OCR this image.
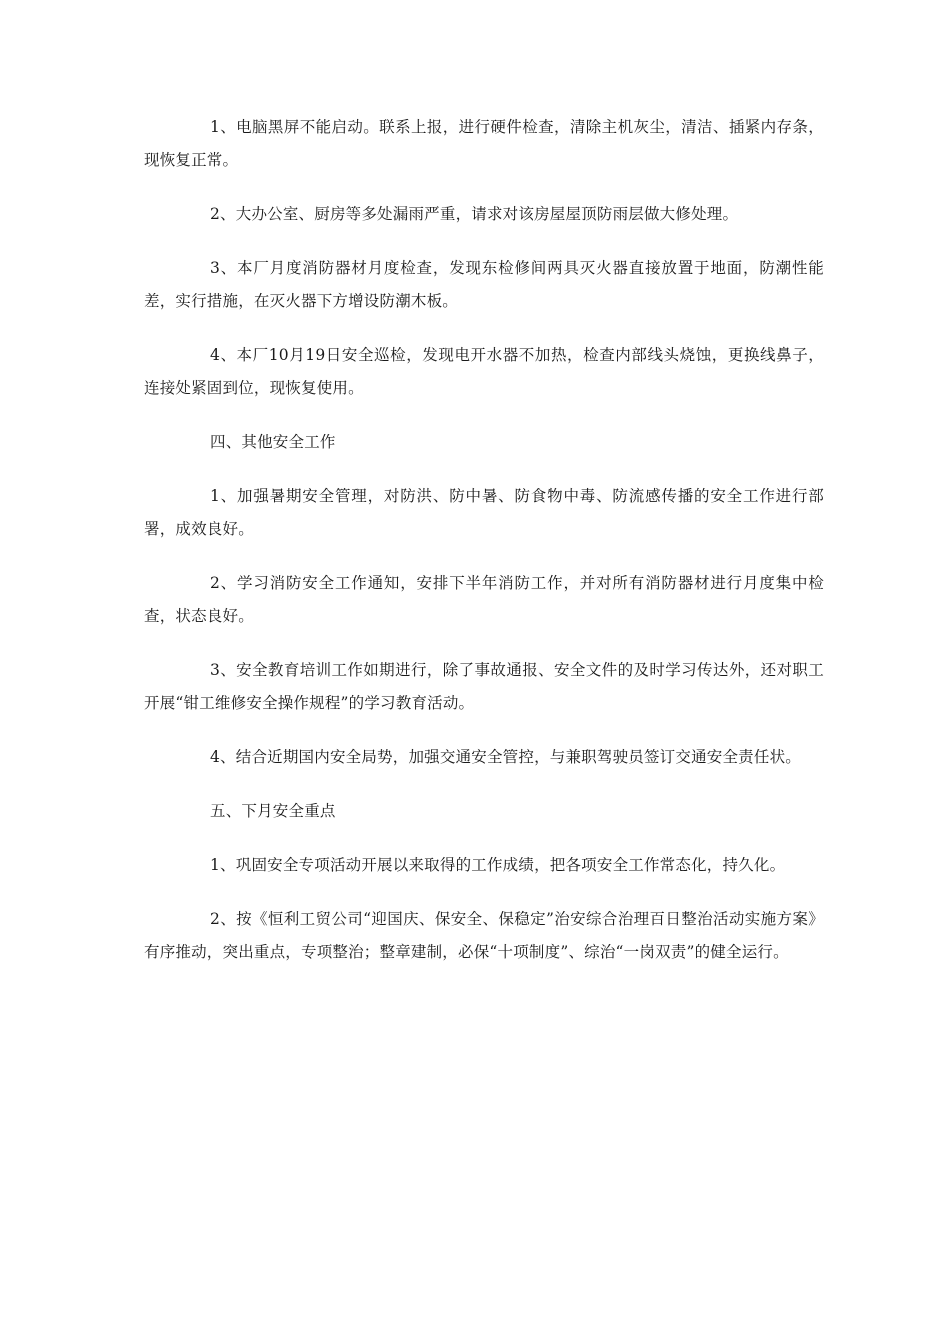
1、电脑黑屏不能启动。联系上报，进行硬件检查，清除主机灰尘，清洁、插紧内存条，现恢复正常。

2、大办公室、厨房等多处漏雨严重，请求对该房屋屋顶防雨层做大修处理。

3、本厂月度消防器材月度检查，发现东检修间两具灭火器直接放置于地面，防潮性能差，实行措施，在灭火器下方增设防潮木板。

4、本厂10月19日安全巡检，发现电开水器不加热，检查内部线头烧蚀，更换线鼻子，连接处紧固到位，现恢复使用。

四、其他安全工作

1、加强暑期安全管理，对防洪、防中暑、防食物中毒、防流感传播的安全工作进行部署，成效良好。

2、学习消防安全工作通知，安排下半年消防工作，并对所有消防器材进行月度集中检查，状态良好。

3、安全教育培训工作如期进行，除了事故通报、安全文件的及时学习传达外，还对职工开展“钳工维修安全操作规程”的学习教育活动。

4、结合近期国内安全局势，加强交通安全管控，与兼职驾驶员签订交通安全责任状。

五、下月安全重点

1、巩固安全专项活动开展以来取得的工作成绩，把各项安全工作常态化，持久化。

2、按《恒利工贸公司“迎国庆、保安全、保稳定”治安综合治理百日整治活动实施方案》有序推动，突出重点，专项整治；整章建制，必保“十项制度”、综治“一岗双责”的健全运行。
